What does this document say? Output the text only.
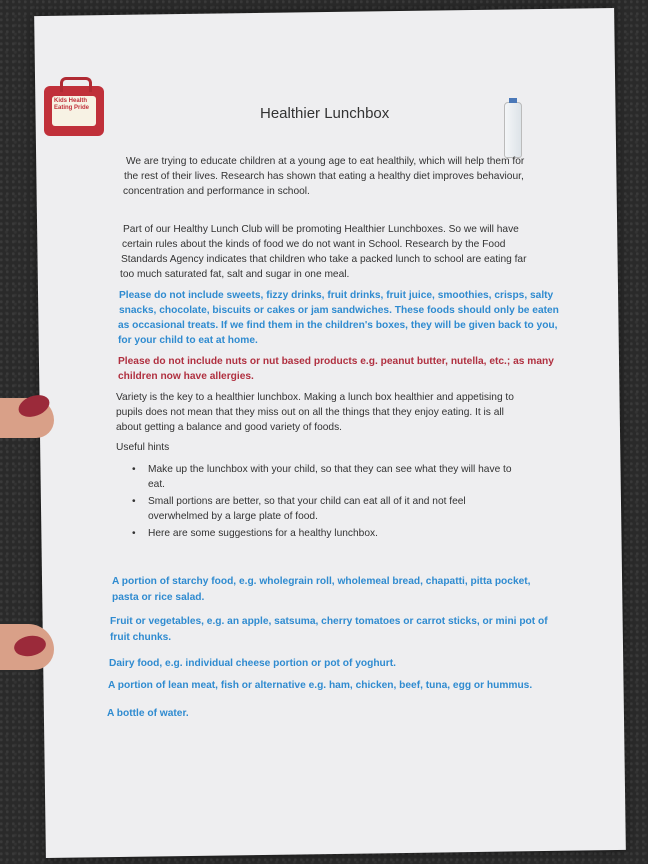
Kids Health Eating Pride	Healthier Lunchbox
We are trying to educate children at a young age to eat healthily, which will help them for
the rest of their lives. Research has shown that eating a healthy diet improves behaviour,
concentration and performance in school.
Part of our Healthy Lunch Club will be promoting Healthier Lunchboxes. So we will have
certain rules about the kinds of food we do not want in School. Research by the Food
Standards Agency indicates that children who take a packed lunch to school are eating far
too much saturated fat, salt and sugar in one meal.
Please do not include sweets, fizzy drinks, fruit drinks, fruit juice, smoothies, crisps, salty
snacks, chocolate, biscuits or cakes or jam sandwiches. These foods should only be eaten
as occasional treats. If we find them in the children's boxes, they will be given back to you,
for your child to eat at home.
Please do not include nuts or nut based products e.g. peanut butter, nutella, etc.; as many
children now have allergies.
Variety is the key to a healthier lunchbox. Making a lunch box healthier and appetising to
pupils does not mean that they miss out on all the things that they enjoy eating. It is all
about getting a balance and good variety of foods.
Useful hints
• Make up the lunchbox with your child, so that they can see what they will have to
eat.
• Small portions are better, so that your child can eat all of it and not feel
overwhelmed by a large plate of food.
• Here are some suggestions for a healthy lunchbox.
A portion of starchy food, e.g. wholegrain roll, wholemeal bread, chapatti, pitta pocket,
pasta or rice salad.
Fruit or vegetables, e.g. an apple, satsuma, cherry tomatoes or carrot sticks, or mini pot of
fruit chunks.
Dairy food, e.g. individual cheese portion or pot of yoghurt.
A portion of lean meat, fish or alternative e.g. ham, chicken, beef, tuna, egg or hummus.
A bottle of water.
